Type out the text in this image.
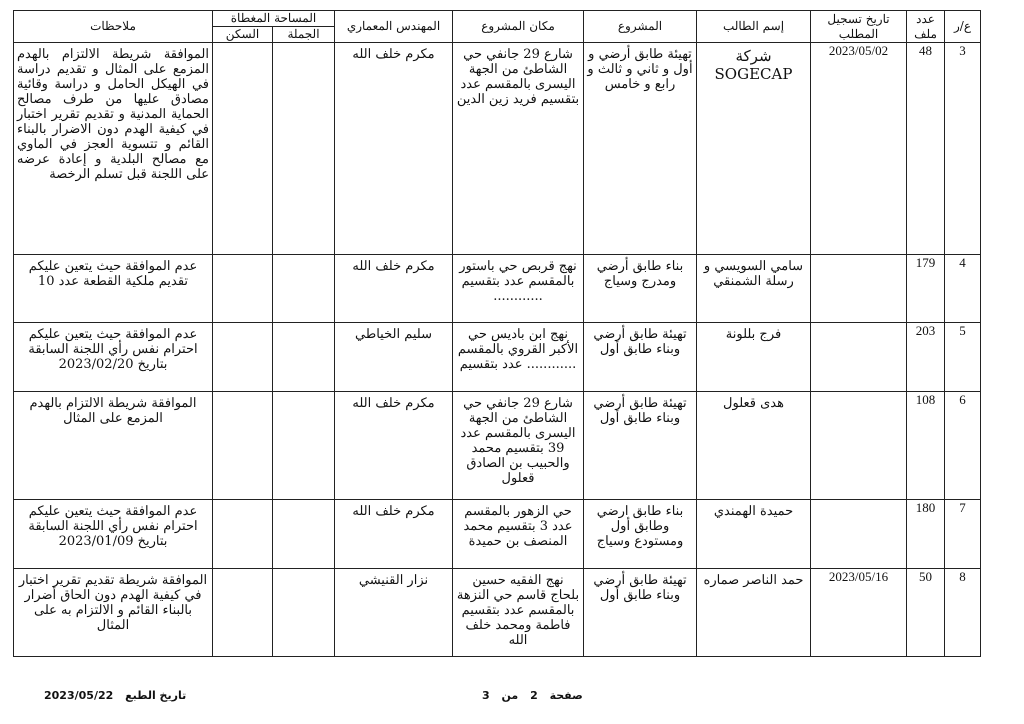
ع/ر	عدد ملف	تاريخ تسجيل المطلب	إسم الطالب	المشروع	مكان المشروع	المهندس المعماري	المساحة المغطاة		ملاحظات
							الجملة	السكن	
3	48	2023/05/02	شركة SOGECAP	تهيئة طابق أرضي و أول و ثاني و ثالث و رابع و خامس	شارع 29 جانفي حي الشاطئ من الجهة اليسرى بالمقسم عدد بتقسيم فريد زين الدين	مكرم خلف الله			الموافقة شريطة الالتزام بالهدم المزمع على المثال و تقديم دراسة في الهيكل الحامل و دراسة وقائية مصادق عليها من طرف مصالح الحماية المدنية و تقديم تقرير اختبار في كيفية الهدم دون الاضرار بالبناء القائم و تتسوية العجز في الماوي مع مصالح البلدية و إعادة عرضه على اللجنة قبل تسلم الرخصة
4	179		سامي السويسي و رسلة الشمنقي	بناء طابق أرضي ومدرج وسياج	نهج قربص حي باستور بالمقسم عدد بتقسيم ............	مكرم خلف الله			عدم الموافقة حيث يتعين عليكم تقديم ملكية القطعة عدد 10
5	203		فرج بللونة	تهيئة طابق أرضي وبناء طابق أول	نهج ابن باديس حي الأكبر القروي بالمقسم ............ عدد بتقسيم	سليم الخياطي			عدم الموافقة حيث يتعين عليكم احترام نفس رأي اللجنة السابقة بتاريخ 2023/02/20
6	108		هدى قعلول	تهيئة طابق أرضي وبناء طابق أول	شارع 29 جانفي حي الشاطئ من الجهة اليسرى بالمقسم عدد 39 بتقسيم محمد والحبيب بن الصادق قعلول	مكرم خلف الله			الموافقة شريطة الالتزام بالهدم المزمع على المثال
7	180		حميدة الهمندي	بناء طابق ارضي وطابق أول ومستودع وسياج	حي الزهور بالمقسم عدد 3 بتقسيم محمد المنصف بن حميدة	مكرم خلف الله			عدم الموافقة حيث يتعين عليكم احترام نفس رأي اللجنة السابقة بتاريخ 2023/01/09
8	50	2023/05/16	حمد الناصر صماره	تهيئة طابق أرضي وبناء طابق أول	نهج الفقيه حسين بلحاج قاسم حي النزهة بالمقسم عدد بتقسيم فاطمة ومحمد خلف الله	نزار القنيشي			الموافقة شريطة تقديم تقرير اختبار في كيفية الهدم دون الحاق أضرار بالبناء القائم و الالتزام به على المثال
صفحة 2 من 3
تاريخ الطبع 2023/05/22
